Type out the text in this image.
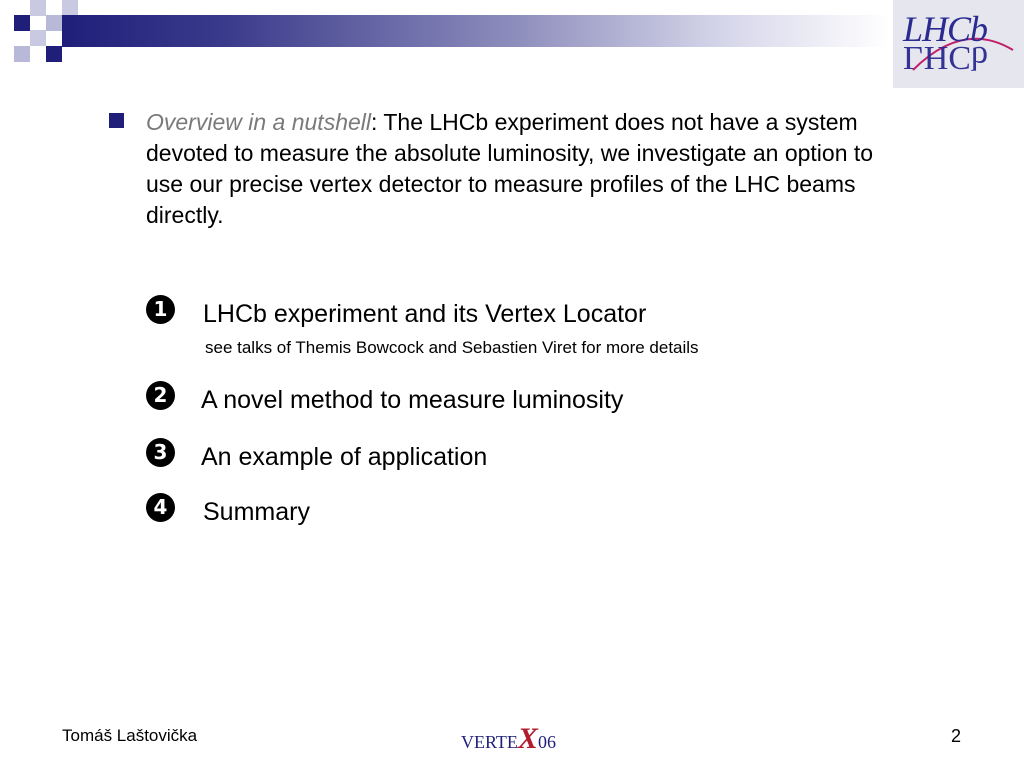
LHCb
LHCb
Overview in a nutshell: The LHCb experiment does not have a system devoted to measure the absolute luminosity, we investigate an option to use our precise vertex detector to measure profiles of the LHC beams directly.
1	LHCb experiment and its Vertex Locator
see talks of Themis Bowcock and Sebastien Viret for more details
2	A novel method to measure luminosity
3	An example of application
4	Summary
Tomáš Laštovička	VERTEX06	2
